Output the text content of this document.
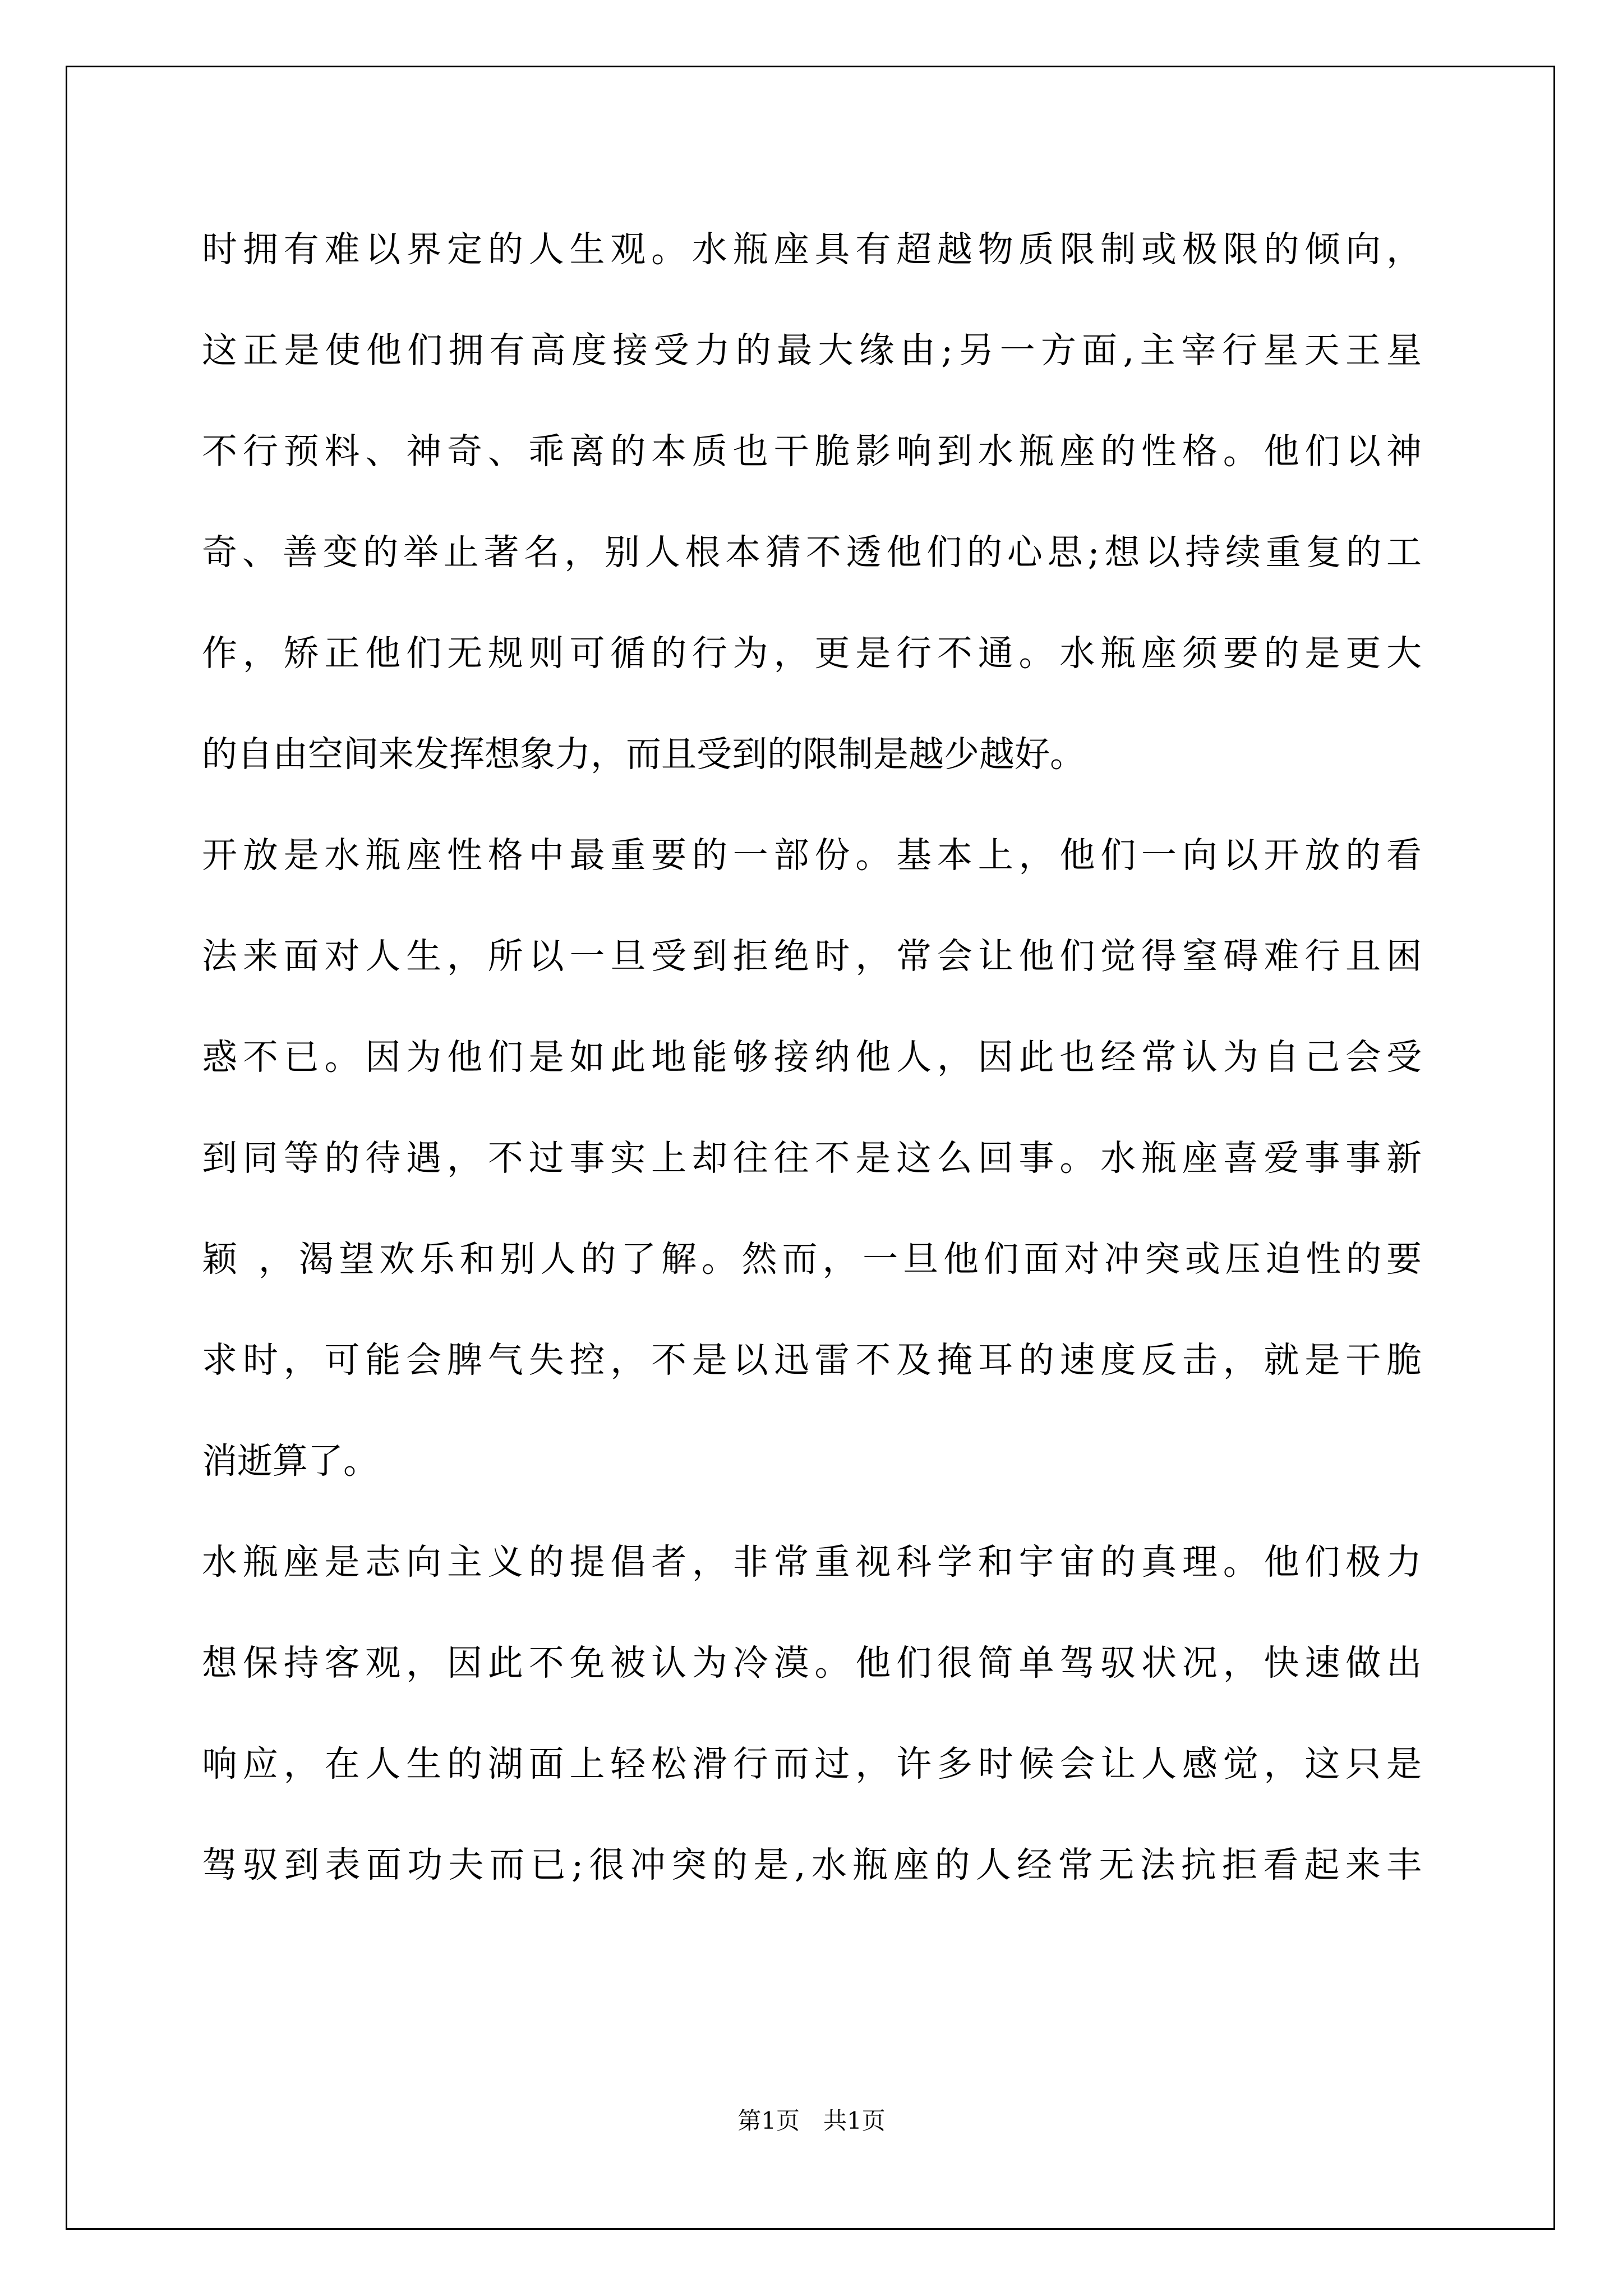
时拥有难以界定的人生观。水瓶座具有超越物质限制或极限的倾向，
这正是使他们拥有高度接受力的最大缘由;另一方面,主宰行星天王星
不行预料、神奇、乖离的本质也干脆影响到水瓶座的性格。他们以神
奇、善变的举止著名，别人根本猜不透他们的心思;想以持续重复的工
作，矫正他们无规则可循的行为，更是行不通。水瓶座须要的是更大
的自由空间来发挥想象力，而且受到的限制是越少越好。
开放是水瓶座性格中最重要的一部份。基本上，他们一向以开放的看
法来面对人生，所以一旦受到拒绝时，常会让他们觉得窒碍难行且困
惑不已。因为他们是如此地能够接纳他人，因此也经常认为自己会受
到同等的待遇，不过事实上却往往不是这么回事。水瓶座喜爱事事新
颖 ，渴望欢乐和别人的了解。然而，一旦他们面对冲突或压迫性的要
求时，可能会脾气失控，不是以迅雷不及掩耳的速度反击，就是干脆
消逝算了。
水瓶座是志向主义的提倡者，非常重视科学和宇宙的真理。他们极力
想保持客观，因此不免被认为冷漠。他们很简单驾驭状况，快速做出
响应，在人生的湖面上轻松滑行而过，许多时候会让人感觉，这只是
驾驭到表面功夫而已;很冲突的是,水瓶座的人经常无法抗拒看起来丰
第1页　共1页
